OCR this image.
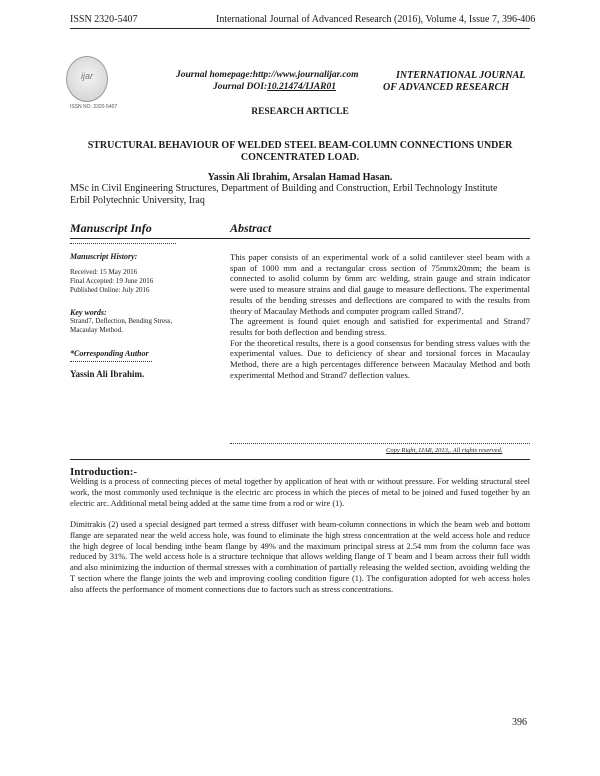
ISSN 2320-5407	International Journal of Advanced Research (2016), Volume 4, Issue 7, 396-406
ijar
ISSN NO. 2320-5407
Journal homepage:http://www.journalijar.com
Journal DOI:10.21474/IJAR01
INTERNATIONAL JOURNAL
OF ADVANCED RESEARCH
RESEARCH ARTICLE
STRUCTURAL BEHAVIOUR OF WELDED STEEL BEAM-COLUMN CONNECTIONS UNDER
CONCENTRATED LOAD.
Yassin Ali Ibrahim, Arsalan Hamad Hasan.
MSc in Civil Engineering Structures, Department of Building and Construction, Erbil Technology Institute
Erbil Polytechnic University, Iraq
Manuscript Info	Abstract
Manuscript History:
Received: 15 May 2016
Final Accepted: 19 June 2016
Published Online: July 2016
Key words:
Strand7, Deflection, Bending Stress,
Macaulay Method.
*Corresponding Author
Yassin Ali Ibrahim.

This paper consists of an experimental work of a solid cantilever steel beam with a span of 1000 mm and a rectangular cross section of 75mmx20mm; the beam is connected to asolid column by 6mm arc welding, strain gauge and strain indicator were used to measure strains and dial gauge to measure deflections. The experimental results of the bending stresses and deflections are compared to with the results from theory of Macaulay Methods and computer program called Strand7.

The agreement is found quiet enough and satisfied for experimental and Strand7 results for both deflection and bending stress.

For the theoretical results, there is a good consensus for bending stress values with the experimental values. Due to deficiency of shear and torsional forces in Macaulay Method, there are a high percentages difference between Macaulay Method and both experimental Method and Strand7 deflection values.

Copy Right, IJAR, 2013,. All rights reserved.
Introduction:-

Welding is a process of connecting pieces of metal together by application of heat with or without pressure. For welding structural steel work, the most commonly used technique is the electric arc process in which the pieces of metal to be joined and fused together by an electric arc. Additional metal being added at the same time from a rod or wire (1).

Dimitrakis (2) used a special designed part termed a stress diffuser with beam-column connections in which the beam web and bottom flange are separated near the weld access hole, was found to eliminate the high stress concentration at the weld access hole and reduce the high degree of local bending inthe beam flange by 49% and the maximum principal stress at 2.54 mm from the column face was reduced by 31%. The weld access hole is a structure technique that allows welding flange of T beam and I beam across their full width and also minimizing the induction of thermal stresses with a combination of partially releasing the welded section, avoiding welding the T section where the flange joints the web and improving cooling condition figure (1). The configuration adopted for web access holes also affects the performance of moment connections due to factors such as stress concentrations.

396
